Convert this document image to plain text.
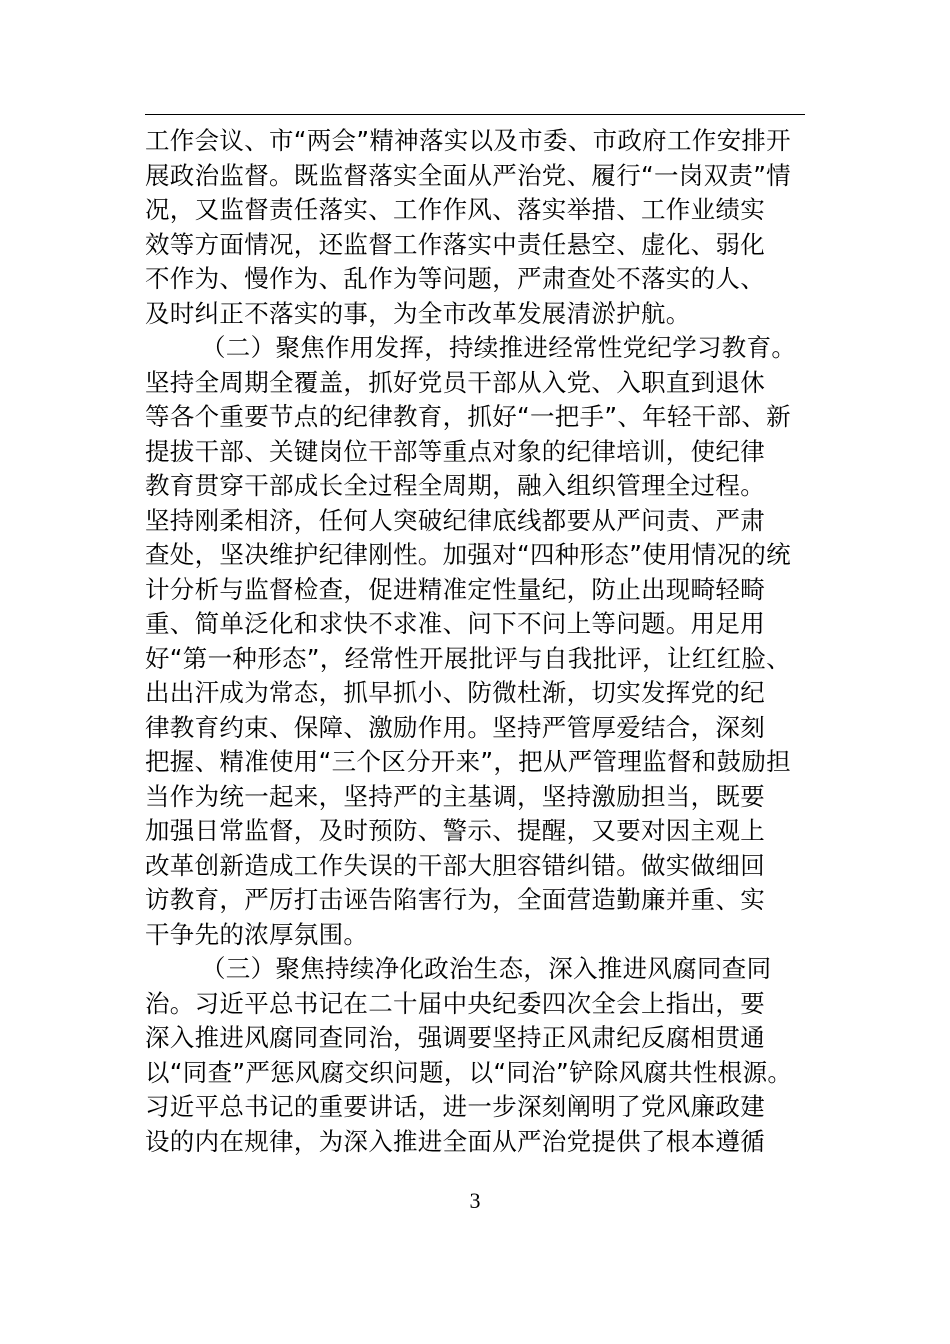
工作会议、市“两会”精神落实以及市委、市政府工作安排开
展政治监督。既监督落实全面从严治党、履行“一岗双责”情
况，又监督责任落实、工作作风、落实举措、工作业绩实
效等方面情况，还监督工作落实中责任悬空、虚化、弱化
不作为、慢作为、乱作为等问题，严肃查处不落实的人、
及时纠正不落实的事，为全市改革发展清淤护航。
（二）聚焦作用发挥，持续推进经常性党纪学习教育。
坚持全周期全覆盖，抓好党员干部从入党、入职直到退休
等各个重要节点的纪律教育，抓好“一把手”、年轻干部、新
提拔干部、关键岗位干部等重点对象的纪律培训，使纪律
教育贯穿干部成长全过程全周期，融入组织管理全过程。
坚持刚柔相济，任何人突破纪律底线都要从严问责、严肃
查处，坚决维护纪律刚性。加强对“四种形态”使用情况的统
计分析与监督检查，促进精准定性量纪，防止出现畸轻畸
重、简单泛化和求快不求准、问下不问上等问题。用足用
好“第一种形态”，经常性开展批评与自我批评，让红红脸、
出出汗成为常态，抓早抓小、防微杜渐，切实发挥党的纪
律教育约束、保障、激励作用。坚持严管厚爱结合，深刻
把握、精准使用“三个区分开来”，把从严管理监督和鼓励担
当作为统一起来，坚持严的主基调，坚持激励担当，既要
加强日常监督，及时预防、警示、提醒，又要对因主观上
改革创新造成工作失误的干部大胆容错纠错。做实做细回
访教育，严厉打击诬告陷害行为，全面营造勤廉并重、实
干争先的浓厚氛围。
（三）聚焦持续净化政治生态，深入推进风腐同查同
治。习近平总书记在二十届中央纪委四次全会上指出，要
深入推进风腐同查同治，强调要坚持正风肃纪反腐相贯通
以“同查”严惩风腐交织问题，以“同治”铲除风腐共性根源。
习近平总书记的重要讲话，进一步深刻阐明了党风廉政建
设的内在规律，为深入推进全面从严治党提供了根本遵循
3
